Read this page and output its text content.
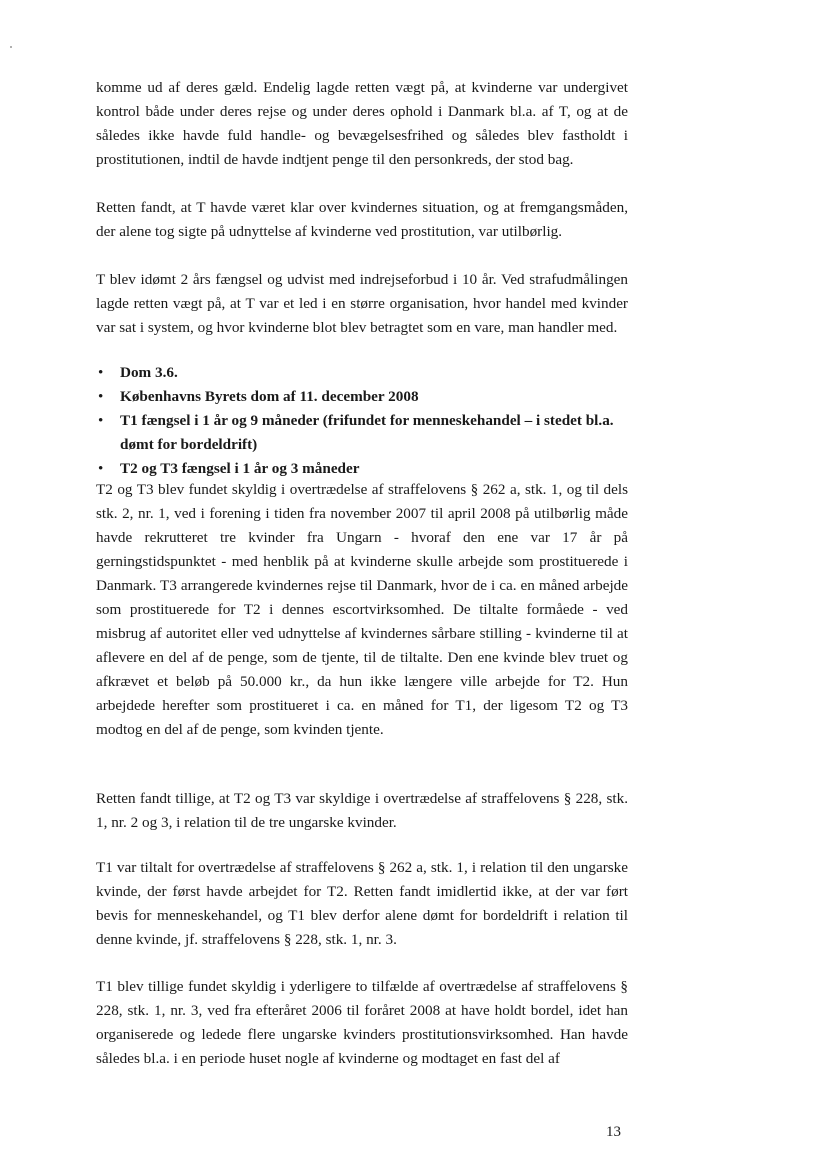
komme ud af deres gæld. Endelig lagde retten vægt på, at kvinderne var undergivet kontrol både under deres rejse og under deres ophold i Danmark bl.a. af T, og at de således ikke havde fuld handle- og bevægelsesfrihed og således blev fastholdt i prostitutionen, indtil de havde indtjent penge til den personkreds, der stod bag.

Retten fandt, at T havde været klar over kvindernes situation, og at fremgangsmåden, der alene tog sigte på udnyttelse af kvinderne ved prostitution, var utilbørlig.

T blev idømt 2 års fængsel og udvist med indrejseforbud i 10 år. Ved strafudmålingen lagde retten vægt på, at T var et led i en større organisation, hvor handel med kvinder var sat i system, og hvor kvinderne blot blev betragtet som en vare, man handler med.

• Dom 3.6.
• Københavns Byrets dom af 11. december 2008
• T1 fængsel i 1 år og 9 måneder (frifundet for menneskehandel – i stedet bl.a. dømt for bordeldrift)
• T2 og T3 fængsel i 1 år og 3 måneder

T2 og T3 blev fundet skyldig i overtrædelse af straffelovens § 262 a, stk. 1, og til dels stk. 2, nr. 1, ved i forening i tiden fra november 2007 til april 2008 på utilbørlig måde havde rekrutteret tre kvinder fra Ungarn - hvoraf den ene var 17 år på gerningstidspunktet - med henblik på at kvinderne skulle arbejde som prostituerede i Danmark. T3 arrangerede kvindernes rejse til Danmark, hvor de i ca. en måned arbejde som prostituerede for T2 i dennes escortvirksomhed. De tiltalte formåede - ved misbrug af autoritet eller ved udnyttelse af kvindernes sårbare stilling - kvinderne til at aflevere en del af de penge, som de tjente, til de tiltalte. Den ene kvinde blev truet og afkrævet et beløb på 50.000 kr., da hun ikke længere ville arbejde for T2. Hun arbejdede herefter som prostitueret i ca. en måned for T1, der ligesom T2 og T3 modtog en del af de penge, som kvinden tjente.

Retten fandt tillige, at T2 og T3 var skyldige i overtrædelse af straffelovens § 228, stk. 1, nr. 2 og 3, i relation til de tre ungarske kvinder.

T1 var tiltalt for overtrædelse af straffelovens § 262 a, stk. 1, i relation til den ungarske kvinde, der først havde arbejdet for T2. Retten fandt imidlertid ikke, at der var ført bevis for menneskehandel, og T1 blev derfor alene dømt for bordeldrift i relation til denne kvinde, jf. straffelovens § 228, stk. 1, nr. 3.

T1 blev tillige fundet skyldig i yderligere to tilfælde af overtrædelse af straffelovens § 228, stk. 1, nr. 3, ved fra efteråret 2006 til foråret 2008 at have holdt bordel, idet han organiserede og ledede flere ungarske kvinders prostitutionsvirksomhed. Han havde således bl.a. i en periode huset nogle af kvinderne og modtaget en fast del af

13
